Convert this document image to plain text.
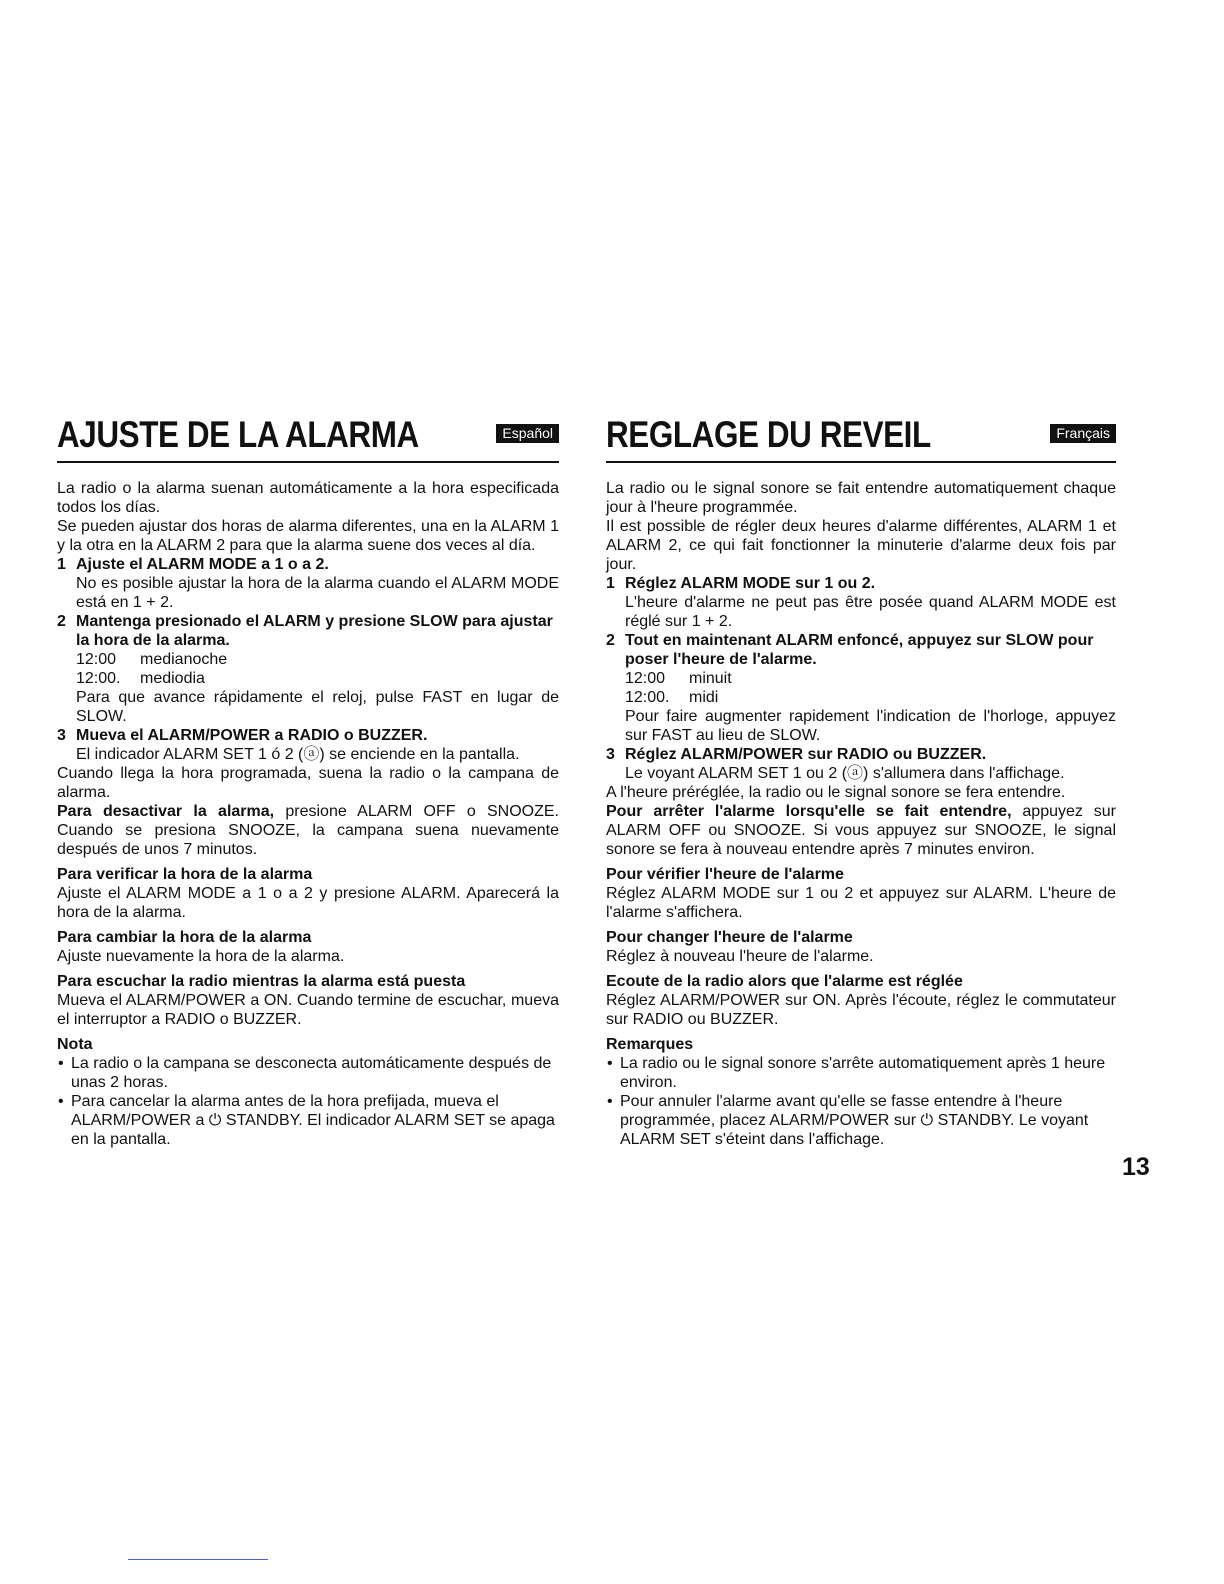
AJUSTE DE LA ALARMA	Español

La radio o la alarma suenan automáticamente a la hora especificada todos los días.

Se pueden ajustar dos horas de alarma diferentes, una en la ALARM 1 y la otra en la ALARM 2 para que la alarma suene dos veces al día.

1 Ajuste el ALARM MODE a 1 o a 2.

No es posible ajustar la hora de la alarma cuando el ALARM MODE está en 1 + 2.

2 Mantenga presionado el ALARM y presione SLOW para ajustar la hora de la alarma.
12:00 medianoche
12:00. mediodia

Para que avance rápidamente el reloj, pulse FAST en lugar de SLOW.

3 Mueva el ALARM/POWER a RADIO o BUZZER.

El indicador ALARM SET 1 ó 2 (ⓐ) se enciende en la pantalla.

Cuando llega la hora programada, suena la radio o la campana de alarma.

Para desactivar la alarma, presione ALARM OFF o SNOOZE. Cuando se presiona SNOOZE, la campana suena nuevamente después de unos 7 minutos.

Para verificar la hora de la alarma

Ajuste el ALARM MODE a 1 o a 2 y presione ALARM. Aparecerá la hora de la alarma.

Para cambiar la hora de la alarma

Ajuste nuevamente la hora de la alarma.

Para escuchar la radio mientras la alarma está puesta

Mueva el ALARM/POWER a ON. Cuando termine de escuchar, mueva el interruptor a RADIO o BUZZER.

Nota
• La radio o la campana se desconecta automáticamente después de unas 2 horas.
• Para cancelar la alarma antes de la hora prefijada, mueva el ALARM/POWER a ⏻ STANDBY. El indicador ALARM SET se apaga en la pantalla.
REGLAGE DU REVEIL	Français

La radio ou le signal sonore se fait entendre automatiquement chaque jour à l'heure programmée.

Il est possible de régler deux heures d'alarme différentes, ALARM 1 et ALARM 2, ce qui fait fonctionner la minuterie d'alarme deux fois par jour.

1 Réglez ALARM MODE sur 1 ou 2.

L'heure d'alarme ne peut pas être posée quand ALARM MODE est réglé sur 1 + 2.

2 Tout en maintenant ALARM enfoncé, appuyez sur SLOW pour poser l'heure de l'alarme.
12:00 minuit
12:00. midi

Pour faire augmenter rapidement l'indication de l'horloge, appuyez sur FAST au lieu de SLOW.

3 Réglez ALARM/POWER sur RADIO ou BUZZER.

Le voyant ALARM SET 1 ou 2 (ⓐ) s'allumera dans l'affichage.

A l'heure préréglée, la radio ou le signal sonore se fera entendre.

Pour arrêter l'alarme lorsqu'elle se fait entendre, appuyez sur ALARM OFF ou SNOOZE. Si vous appuyez sur SNOOZE, le signal sonore se fera à nouveau entendre après 7 minutes environ.

Pour vérifier l'heure de l'alarme

Réglez ALARM MODE sur 1 ou 2 et appuyez sur ALARM. L'heure de l'alarme s'affichera.

Pour changer l'heure de l'alarme

Réglez à nouveau l'heure de l'alarme.

Ecoute de la radio alors que l'alarme est réglée

Réglez ALARM/POWER sur ON. Après l'écoute, réglez le commutateur sur RADIO ou BUZZER.

Remarques
• La radio ou le signal sonore s'arrête automatiquement après 1 heure environ.
• Pour annuler l'alarme avant qu'elle se fasse entendre à l'heure programmée, placez ALARM/POWER sur ⏻ STANDBY. Le voyant ALARM SET s'éteint dans l'affichage.
13
